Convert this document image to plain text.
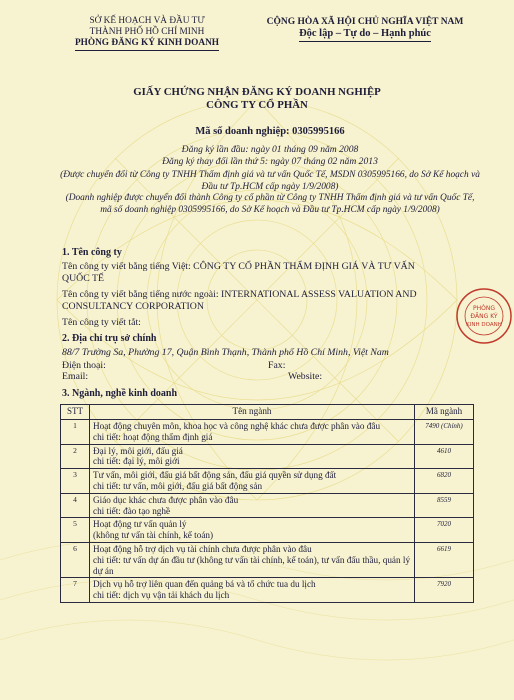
SỞ KẾ HOẠCH VÀ ĐẦU TƯ
THÀNH PHỐ HỒ CHÍ MINH
PHÒNG ĐĂNG KÝ KINH DOANH
CỘNG HÒA XÃ HỘI CHỦ NGHĨA VIỆT NAM
Độc lập – Tự do – Hạnh phúc
GIẤY CHỨNG NHẬN ĐĂNG KÝ DOANH NGHIỆP
CÔNG TY CỔ PHẦN
Mã số doanh nghiệp: 0305995166
Đăng ký lần đầu: ngày 01 tháng 09 năm 2008
Đăng ký thay đổi lần thứ 5: ngày 07 tháng 02 năm 2013
(Được chuyển đổi từ Công ty TNHH Thẩm định giá và tư vấn Quốc Tế, MSDN 0305995166, do Sở Kế hoạch và Đầu tư Tp.HCM cấp ngày 1/9/2008)
(Doanh nghiệp được chuyển đổi thành Công ty cổ phần từ Công ty TNHH Thẩm định giá và tư vấn Quốc Tế, mã số doanh nghiệp 0305995166, do Sở Kế hoạch và Đầu tư Tp.HCM cấp ngày 1/9/2008)
1. Tên công ty
Tên công ty viết bằng tiếng Việt: CÔNG TY CỔ PHẦN THẨM ĐỊNH GIÁ VÀ TƯ VẤN QUỐC TẾ
Tên công ty viết bằng tiếng nước ngoài: INTERNATIONAL ASSESS VALUATION AND CONSULTANCY CORPORATION
Tên công ty viết tắt:
2. Địa chỉ trụ sở chính
88/7 Trường Sa, Phường 17, Quận Bình Thạnh, Thành phố Hồ Chí Minh, Việt Nam
Điện thoại:	Fax:
Email:	Website:
3. Ngành, nghề kinh doanh
STT	Tên ngành	Mã ngành
1	Hoạt động chuyên môn, khoa học và công nghệ khác chưa được phân vào đâu
chi tiết: hoạt động thẩm định giá	7490 (Chính)
2	Đại lý, môi giới, đấu giá
chi tiết: đại lý, môi giới	4610
3	Tư vấn, môi giới, đấu giá bất động sản, đấu giá quyền sử dụng đất
chi tiết: tư vấn, môi giới, đấu giá bất động sản	6820
4	Giáo dục khác chưa được phân vào đâu
chi tiết: đào tạo nghề	8559
5	Hoạt động tư vấn quản lý
(không tư vấn tài chính, kế toán)	7020
6	Hoạt động hỗ trợ dịch vụ tài chính chưa được phân vào đâu
chi tiết: tư vấn dự án đầu tư (không tư vấn tài chính, kế toán), tư vấn đấu thầu, quản lý dự án	6619
7	Dịch vụ hỗ trợ liên quan đến quảng bá và tổ chức tua du lịch
chi tiết: dịch vụ vận tải khách du lịch	7920
PHÒNG
ĐĂNG KÝ
KINH DOANH
